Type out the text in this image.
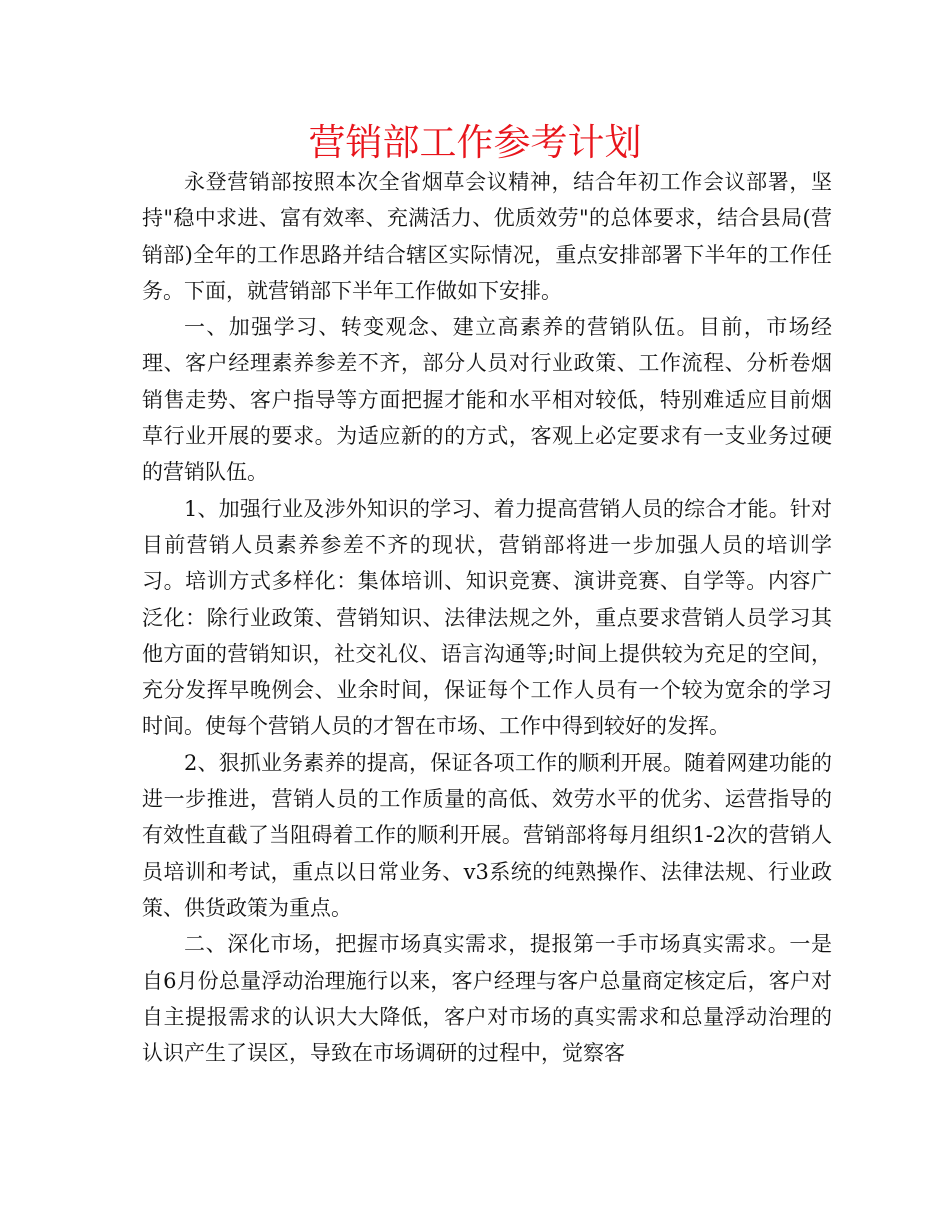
营销部工作参考计划

永登营销部按照本次全省烟草会议精神，结合年初工作会议部署，坚持"稳中求进、富有效率、充满活力、优质效劳"的总体要求，结合县局(营销部)全年的工作思路并结合辖区实际情况，重点安排部署下半年的工作任务。下面，就营销部下半年工作做如下安排。

一、加强学习、转变观念、建立高素养的营销队伍。目前，市场经理、客户经理素养参差不齐，部分人员对行业政策、工作流程、分析卷烟销售走势、客户指导等方面把握才能和水平相对较低，特别难适应目前烟草行业开展的要求。为适应新的的方式，客观上必定要求有一支业务过硬的营销队伍。

1、加强行业及涉外知识的学习、着力提高营销人员的综合才能。针对目前营销人员素养参差不齐的现状，营销部将进一步加强人员的培训学习。培训方式多样化：集体培训、知识竞赛、演讲竞赛、自学等。内容广泛化：除行业政策、营销知识、法律法规之外，重点要求营销人员学习其他方面的营销知识，社交礼仪、语言沟通等;时间上提供较为充足的空间，充分发挥早晚例会、业余时间，保证每个工作人员有一个较为宽余的学习时间。使每个营销人员的才智在市场、工作中得到较好的发挥。

2、狠抓业务素养的提高，保证各项工作的顺利开展。随着网建功能的进一步推进，营销人员的工作质量的高低、效劳水平的优劣、运营指导的有效性直截了当阻碍着工作的顺利开展。营销部将每月组织1-2次的营销人员培训和考试，重点以日常业务、v3系统的纯熟操作、法律法规、行业政策、供货政策为重点。

二、深化市场，把握市场真实需求，提报第一手市场真实需求。一是自6月份总量浮动治理施行以来，客户经理与客户总量商定核定后，客户对自主提报需求的认识大大降低，客户对市场的真实需求和总量浮动治理的认识产生了误区，导致在市场调研的过程中，觉察客
